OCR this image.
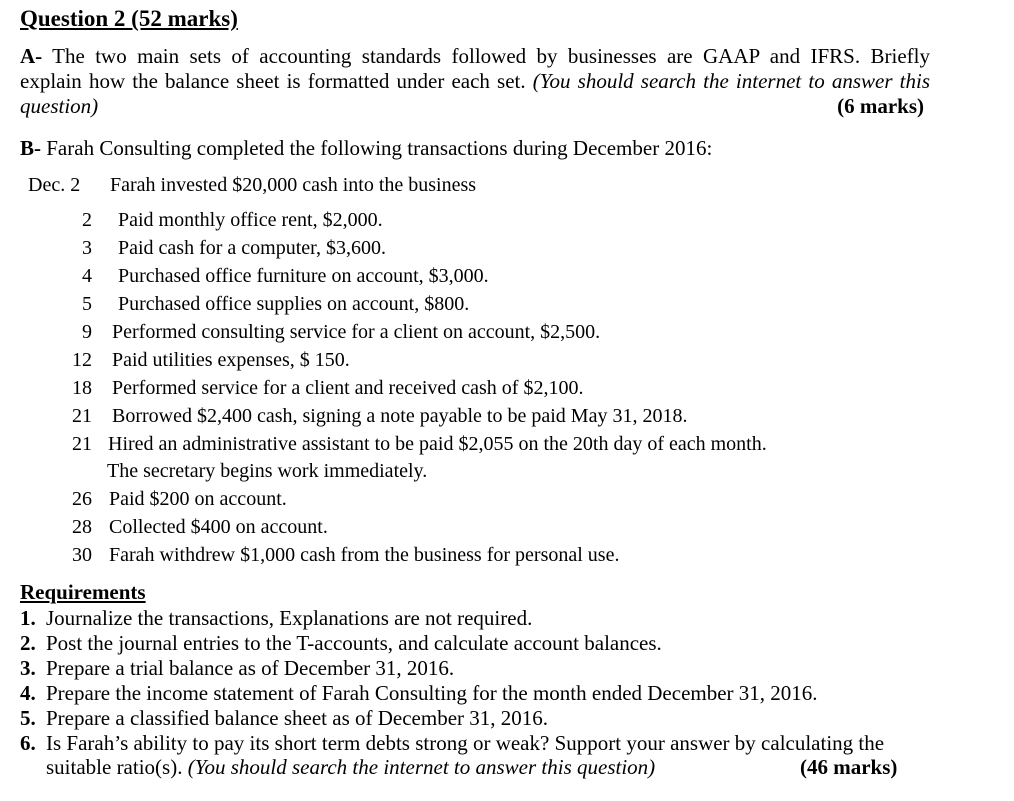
Question 2 (52 marks)
A- The two main sets of accounting standards followed by businesses are GAAP and IFRS. Briefly
explain how the balance sheet is formatted under each set. (You should search the internet to answer this
question)	(6 marks)
B- Farah Consulting completed the following transactions during December 2016:
Dec. 2 Farah invested $20,000 cash into the business
2 Paid monthly office rent, $2,000.
3 Paid cash for a computer, $3,600.
4 Purchased office furniture on account, $3,000.
5 Purchased office supplies on account, $800.
9 Performed consulting service for a client on account, $2,500.
12 Paid utilities expenses, $ 150.
18 Performed service for a client and received cash of $2,100.
21 Borrowed $2,400 cash, signing a note payable to be paid May 31, 2018.
21 Hired an administrative assistant to be paid $2,055 on the 20th day of each month.
The secretary begins work immediately.
26 Paid $200 on account.
28 Collected $400 on account.
30 Farah withdrew $1,000 cash from the business for personal use.
Requirements
1. Journalize the transactions, Explanations are not required.
2. Post the journal entries to the T-accounts, and calculate account balances.
3. Prepare a trial balance as of December 31, 2016.
4. Prepare the income statement of Farah Consulting for the month ended December 31, 2016.
5. Prepare a classified balance sheet as of December 31, 2016.
6. Is Farah’s ability to pay its short term debts strong or weak? Support your answer by calculating the
suitable ratio(s). (You should search the internet to answer this question)	(46 marks)
